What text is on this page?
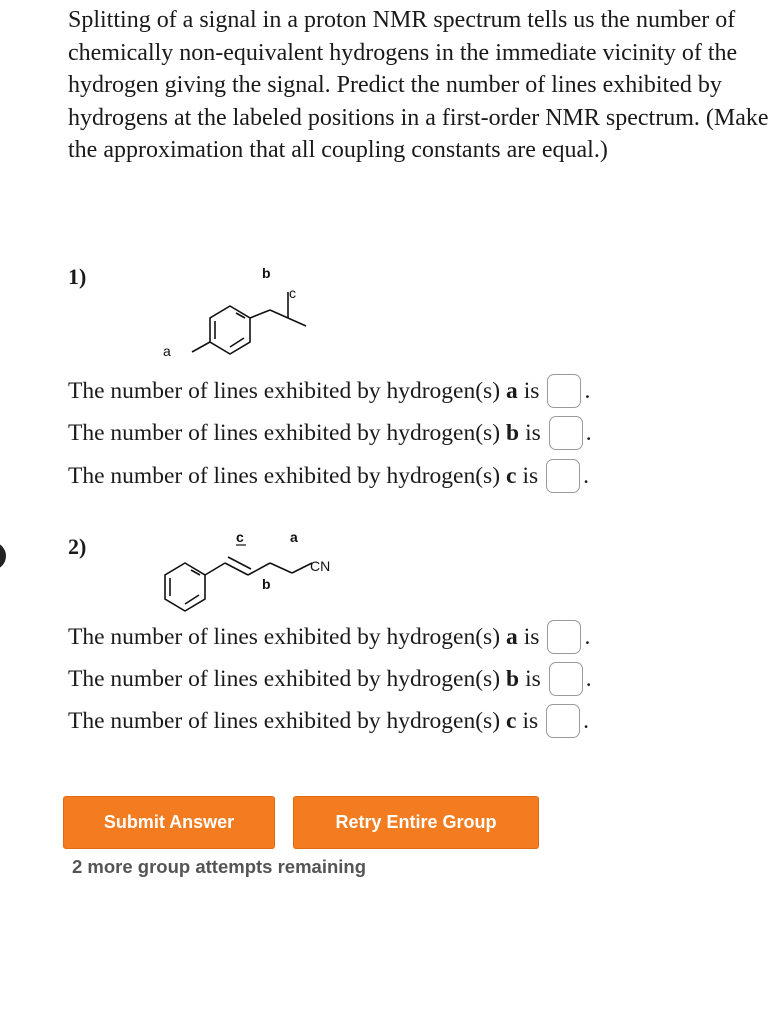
Splitting of a signal in a proton NMR spectrum tells us the number of chemically non-equivalent hydrogens in the immediate vicinity of the hydrogen giving the signal. Predict the number of lines exhibited by hydrogens at the labeled positions in a first-order NMR spectrum. (Make the approximation that all coupling constants are equal.)

1)
a
b
c
The number of lines exhibited by hydrogen(s) a is .
The number of lines exhibited by hydrogen(s) b is .
The number of lines exhibited by hydrogen(s) c is .
2)	c	a
b
CN
The number of lines exhibited by hydrogen(s) a is .
The number of lines exhibited by hydrogen(s) b is .
The number of lines exhibited by hydrogen(s) c is .
Submit Answer	Retry Entire Group
2 more group attempts remaining
